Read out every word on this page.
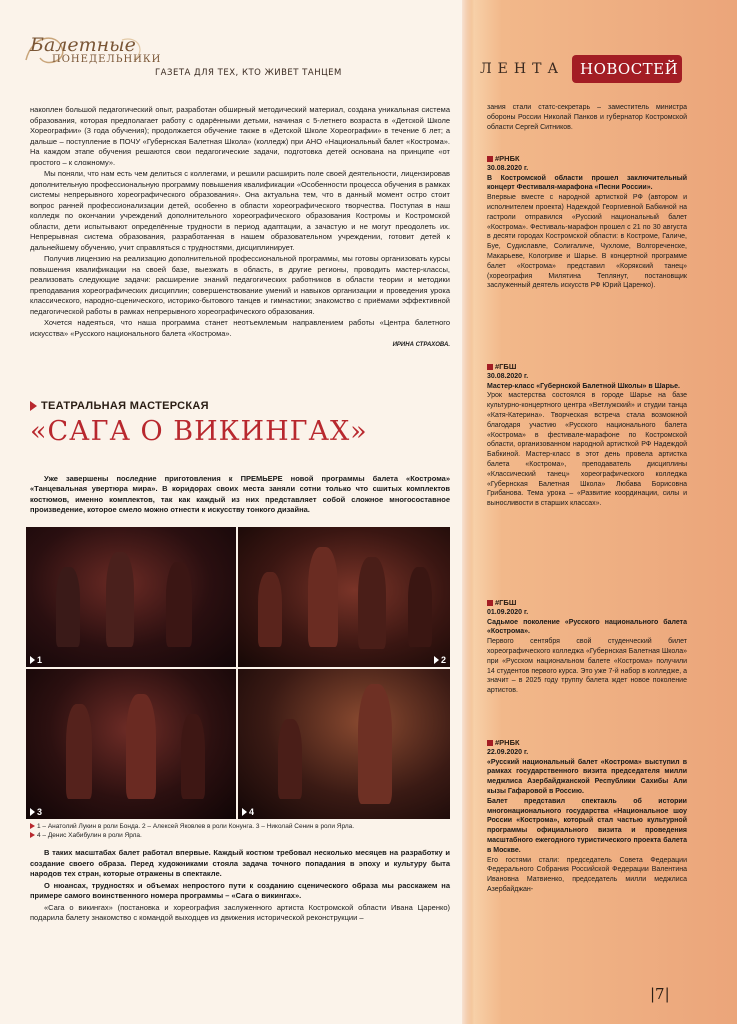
Балетные
ПОНЕДЕЛЬНИКИ
ГАЗЕТА ДЛЯ ТЕХ, КТО ЖИВЕТ ТАНЦЕМ

накоплен большой педагогический опыт, разработан обширный методический материал, создана уникальная система образования, которая предполагает работу с одарёнными детьми, начиная с 5-летнего возраста в «Детской Школе Хореографии» (3 года обучения); продолжается обучение также в «Детской Школе Хореографии» в течение 6 лет; а дальше – поступление в ПОЧУ «Губернская Балетная Школа» (колледж) при АНО «Национальный балет «Кострома». На каждом этапе обучения решаются свои педагогические задачи, подготовка детей основана на принципе «от простого – к сложному».

Мы поняли, что нам есть чем делиться с коллегами, и решили расширить поле своей деятельности, лицензировав дополнительную профессиональную программу повышения квалификации «Особенности процесса обучения в рамках системы непрерывного хореографического образования». Она актуальна тем, что в данный момент остро стоит вопрос ранней профессионализации детей, особенно в области хореографического творчества. Поступая в наш колледж по окончании учреждений дополнительного хореографического образования Костромы и Костромской области, дети испытывают определённые трудности в период адаптации, а зачастую и не могут преодолеть их. Непрерывная система образования, разработанная в нашем образовательном учреждении, готовит детей к дальнейшему обучению, учит справляться с трудностями, дисциплинирует.

Получив лицензию на реализацию дополнительной профессиональной программы, мы готовы организовать курсы повышения квалификации на своей базе, выезжать в область, в другие регионы, проводить мастер-классы, реализовать следующие задачи: расширение знаний педагогических работников в области теории и методики преподавания хореографических дисциплин; совершенствование умений и навыков организации и проведения урока классического, народно-сценического, историко-бытового танцев и гимнастики; знакомство с приёмами эффективной педагогической работы в рамках непрерывного хореографического образования.

Хочется надеяться, что наша программа станет неотъемлемым направлением работы «Центра балетного искусства» «Русского национального балета «Кострома».

ИРИНА СТРАХОВА.
ТЕАТРАЛЬНАЯ МАСТЕРСКАЯ
«САГА О ВИКИНГАХ»

Уже завершены последние приготовления к ПРЕМЬЕРЕ новой программы балета «Кострома» «Танцевальная увертюра мира». В коридорах своих места заняли сотни только что сшитых комплектов костюмов, именно комплектов, так как каждый из них представляет собой сложное многосоставное произведение, которое смело можно отнести к искусству тонкого дизайна.

1	2
3	4
1 – Анатолий Лукин в роли Бонда. 2 – Алексей Яковлев в роли Конунга. 3 – Николай Сенин в роли Ярла.
4 – Денис Хабибулин в роли Ярла.

В таких масштабах балет работал впервые. Каждый костюм требовал несколько месяцев на разработку и создание своего образа. Перед художниками стояла задача точного попадания в эпоху и культуру быта народов тех стран, которые отражены в спектакле.

О нюансах, трудностях и объемах непростого пути к созданию сценического образа мы расскажем на примере самого воинственного номера программы – «Сага о викингах».

«Сага о викингах» (постановка и хореография заслуженного артиста Костромской области Ивана Царенко) подарила балету знакомство с командой выходцев из движения исторической реконструкции –

ЛЕНТА НОВОСТЕЙ

зания стали статс-секретарь – заместитель министра обороны России Николай Панков и губернатор Костромской области Сергей Ситников.

#РНБК
30.08.2020 г.

В Костромской области прошел заключительный концерт Фестиваля-марафона «Песни России».

Впервые вместе с народной артисткой РФ (автором и исполнителем проекта) Надеждой Георгиевной Бабкиной на гастроли отправился «Русский национальный балет «Кострома». Фестиваль-марафон прошел с 21 по 30 августа в десяти городах Костромской области: в Костроме, Галиче, Буе, Судиславле, Солигаличе, Чухломе, Волгореченске, Макарьеве, Кологриве и Шарье. В концертной программе балет «Кострома» представил «Корякский танец» (хореография Милятина Теплянут, постановщик заслуженный деятель искусств РФ Юрий Царенко).

#ГБШ
30.08.2020 г.

Мастер-класс «Губернской Балетной Школы» в Шарье.

Урок мастерства состоялся в городе Шарье на базе культурно-концертного центра «Ветлужский» и студии танца «Катя-Катерина». Творческая встреча стала возможной благодаря участию «Русского национального балета «Кострома» в фестивале-марафоне по Костромской области, организованном народной артисткой РФ Надеждой Бабкиной. Мастер-класс в этот день провела артистка балета «Кострома», преподаватель дисциплины «Классический танец» хореографического колледжа «Губернская Балетная Школа» Любава Борисовна Грибанова. Тема урока – «Развитие координации, силы и выносливости в старших классах».

#ГБШ
01.09.2020 г.

Садьмое поколение «Русского национального балета «Кострома».

Первого сентября свой студенческий билет хореографического колледжа «Губернская Балетная Школа» при «Русском национальном балете «Кострома» получили 14 студентов первого курса. Это уже 7-й набор в колледже, а значит – в 2025 году труппу балета ждет новое поколение артистов.

#РНБК
22.09.2020 г.

«Русский национальный балет «Кострома» выступил в рамках государственного визита председателя милли меджлиса Азербайджанской Республики Сахибы Али кызы Гафаровой в Россию.

Балет представил спектакль об истории многонационального государства «Национальное шоу России «Кострома», который стал частью культурной программы официального визита и проведения масштабного ежегодного туристического проекта балета в Москве.

Его гостями стали: председатель Совета Федерации Федерального Собрания Российской Федерации Валентина Ивановна Матвиенко, председатель милли меджлиса Азербайджан-

|7|
